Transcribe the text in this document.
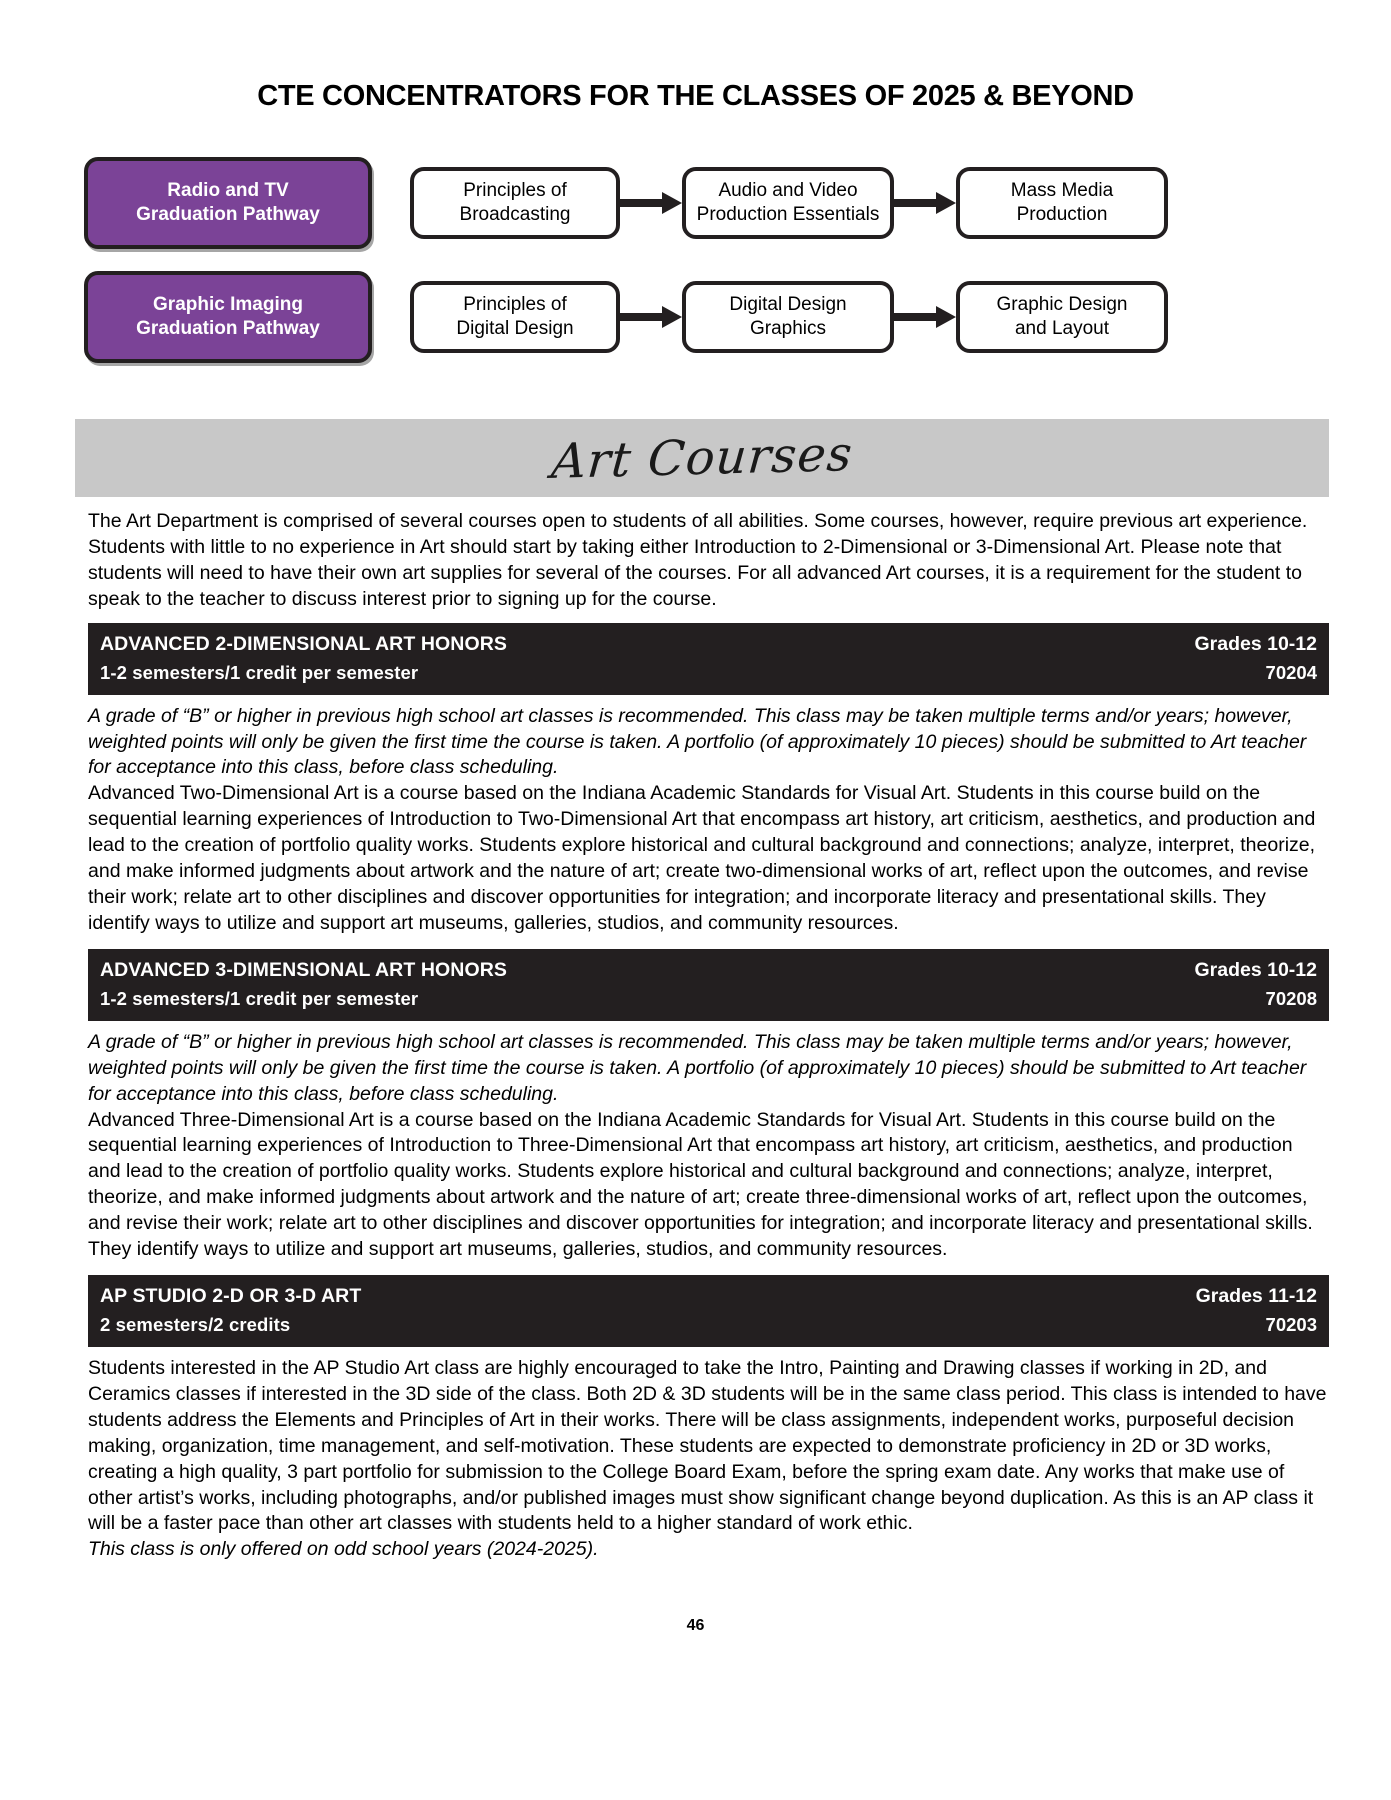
CTE CONCENTRATORS FOR THE CLASSES OF 2025 & BEYOND
Radio and TV
Graduation Pathway
Principles of
Broadcasting
Audio and Video
Production Essentials
Mass Media
Production
Graphic Imaging
Graduation Pathway
Principles of
Digital Design
Digital Design
Graphics
Graphic Design
and Layout
Art Courses

The Art Department is comprised of several courses open to students of all abilities. Some courses, however, require previous art experience. Students with little to no experience in Art should start by taking either Introduction to 2-Dimensional or 3-Dimensional Art. Please note that students will need to have their own art supplies for several of the courses. For all advanced Art courses, it is a requirement for the student to speak to the teacher to discuss interest prior to signing up for the course.

ADVANCED 2-DIMENSIONAL ART HONORS	Grades 10-12
1-2 semesters/1 credit per semester	70204

A grade of “B” or higher in previous high school art classes is recommended. This class may be taken multiple terms and/or years; however, weighted points will only be given the first time the course is taken. A portfolio (of approximately 10 pieces) should be submitted to Art teacher for acceptance into this class, before class scheduling.

Advanced Two-Dimensional Art is a course based on the Indiana Academic Standards for Visual Art. Students in this course build on the sequential learning experiences of Introduction to Two-Dimensional Art that encompass art history, art criticism, aesthetics, and production and lead to the creation of portfolio quality works. Students explore historical and cultural background and connections; analyze, interpret, theorize, and make informed judgments about artwork and the nature of art; create two-dimensional works of art, reflect upon the outcomes, and revise their work; relate art to other disciplines and discover opportunities for integration; and incorporate literacy and presentational skills. They identify ways to utilize and support art museums, galleries, studios, and community resources.

ADVANCED 3-DIMENSIONAL ART HONORS	Grades 10-12
1-2 semesters/1 credit per semester	70208

A grade of “B” or higher in previous high school art classes is recommended. This class may be taken multiple terms and/or years; however, weighted points will only be given the first time the course is taken. A portfolio (of approximately 10 pieces) should be submitted to Art teacher for acceptance into this class, before class scheduling.

Advanced Three-Dimensional Art is a course based on the Indiana Academic Standards for Visual Art. Students in this course build on the sequential learning experiences of Introduction to Three-Dimensional Art that encompass art history, art criticism, aesthetics, and production and lead to the creation of portfolio quality works. Students explore historical and cultural background and connections; analyze, interpret, theorize, and make informed judgments about artwork and the nature of art; create three-dimensional works of art, reflect upon the outcomes, and revise their work; relate art to other disciplines and discover opportunities for integration; and incorporate literacy and presentational skills. They identify ways to utilize and support art museums, galleries, studios, and community resources.

AP STUDIO 2-D OR 3-D ART	Grades 11-12
2 semesters/2 credits	70203

Students interested in the AP Studio Art class are highly encouraged to take the Intro, Painting and Drawing classes if working in 2D, and Ceramics classes if interested in the 3D side of the class. Both 2D & 3D students will be in the same class period. This class is intended to have students address the Elements and Principles of Art in their works. There will be class assignments, independent works, purposeful decision making, organization, time management, and self-motivation. These students are expected to demonstrate proficiency in 2D or 3D works, creating a high quality, 3 part portfolio for submission to the College Board Exam, before the spring exam date. Any works that make use of other artist’s works, including photographs, and/or published images must show significant change beyond duplication. As this is an AP class it will be a faster pace than other art classes with students held to a higher standard of work ethic.

This class is only offered on odd school years (2024-2025).

46
